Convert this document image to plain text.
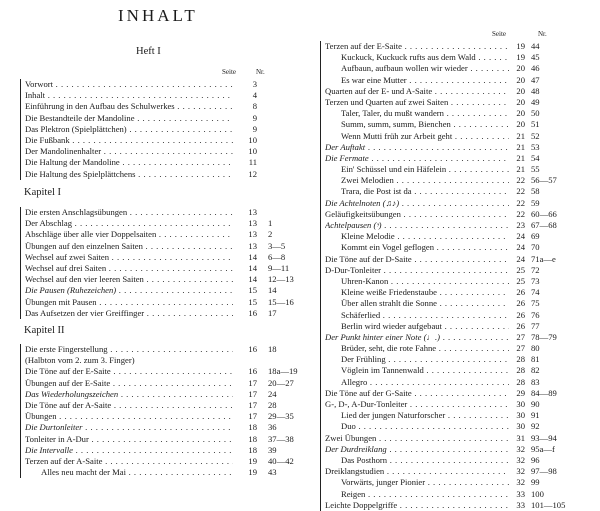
INHALT
Heft I
Seite	Nr.
Vorwort . . .	3
Inhalt . . .	4
Einführung in den Aufbau des Schulwerkes . . .	8
Die Bestandteile der Mandoline . . .	9
Das Plektron (Spielplättchen) . . .	9
Die Fußbank . . .	10
Der Mandolinenhalter . . .	10
Die Haltung der Mandoline . . .	11
Die Haltung des Spielplättchens . . .	12
Kapitel I
Die ersten Anschlagsübungen . . .	13
Der Abschlag . . .	13 1
Abschläge über alle vier Doppelsaiten . . .	13 2
Übungen auf den einzelnen Saiten . . .	13 3—5
Wechsel auf zwei Saiten . . .	14 6—8
Wechsel auf drei Saiten . . .	14 9—11
Wechsel auf den vier leeren Saiten . . .	14 12—13
Die Pausen (Ruhezeichen) . . .	15 14
Übungen mit Pausen . . .	15 15—16
Das Aufsetzen der vier Greiffinger . . .	16 17
Kapitel II
Die erste Fingerstellung . . .	16 18
(Halbton vom 2. zum 3. Finger)
Die Töne auf der E-Saite . . .	16 18a—19
Übungen auf der E-Saite . . .	17 20—27
Das Wiederholungszeichen . . .	17 24
Die Töne auf der A-Saite . . .	17 28
Übungen . . .	17 29—35
Die Durtonleiter . . .	18 36
Tonleiter in A-Dur . . .	18 37—38
Die Intervalle . . .	18 39
Terzen auf der A-Saite . . .	19 40—42
Alles neu macht der Mai . . .	19 43
Seite	Nr.
Terzen auf der E-Saite . . .	19 44
Kuckuck, Kuckuck rufts aus dem Wald . . .	19 45
Aufbaun, aufbaun wollen wir wieder . . .	20 46
Es war eine Mutter . . .	20 47
Quarten auf der E- und A-Saite . . .	20 48
Terzen und Quarten auf zwei Saiten . . .	20 49
Taler, Taler, du mußt wandern . . .	20 50
Summ, summ, summ, Bienchen . . .	20 51
Wenn Mutti früh zur Arbeit geht . . .	21 52
Der Auftakt . . .	21 53
Die Fermate . . .	21 54
Ein' Schüssel und ein Häfelein . . .	21 55
Zwei Melodien . . .	22 56—57
Trara, die Post ist da . . .	22 58
Die Achtelnoten (♫♪) . . .	22 59
Geläufigkeitsübungen . . .	22 60—66
Achtelpausen (𝄾) . . .	23 67—68
Kleine Melodie . . .	24 69
Kommt ein Vogel geflogen . . .	24 70
Die Töne auf der D-Saite . . .	24 71a—e
D-Dur-Tonleiter . . .	25 72
Uhren-Kanon . . .	25 73
Kleine weiße Friedenstaube . . .	26 74
Über allen strahlt die Sonne . . .	26 75
Schäferlied . . .	26 76
Berlin wird wieder aufgebaut . . .	26 77
Der Punkt hinter einer Note (♩.) . . .	27 78—79
Brüder, seht, die rote Fahne . . .	27 80
Der Frühling . . .	28 81
Vöglein im Tannenwald . . .	28 82
Allegro . . .	28 83
Die Töne auf der G-Saite . . .	29 84—89
G-, D-, A-Dur-Tonleiter . . .	30 90
Lied der jungen Naturforscher . . .	30 91
Duo . . .	30 92
Zwei Übungen . . .	31 93—94
Der Durdreiklang . . .	32 95a—f
Das Posthorn . . .	32 96
Dreiklangstudien . . .	32 97—98
Vorwärts, junger Pionier . . .	32 99
Reigen . . .	33 100
Leichte Doppelgriffe . . .	33 101—105
